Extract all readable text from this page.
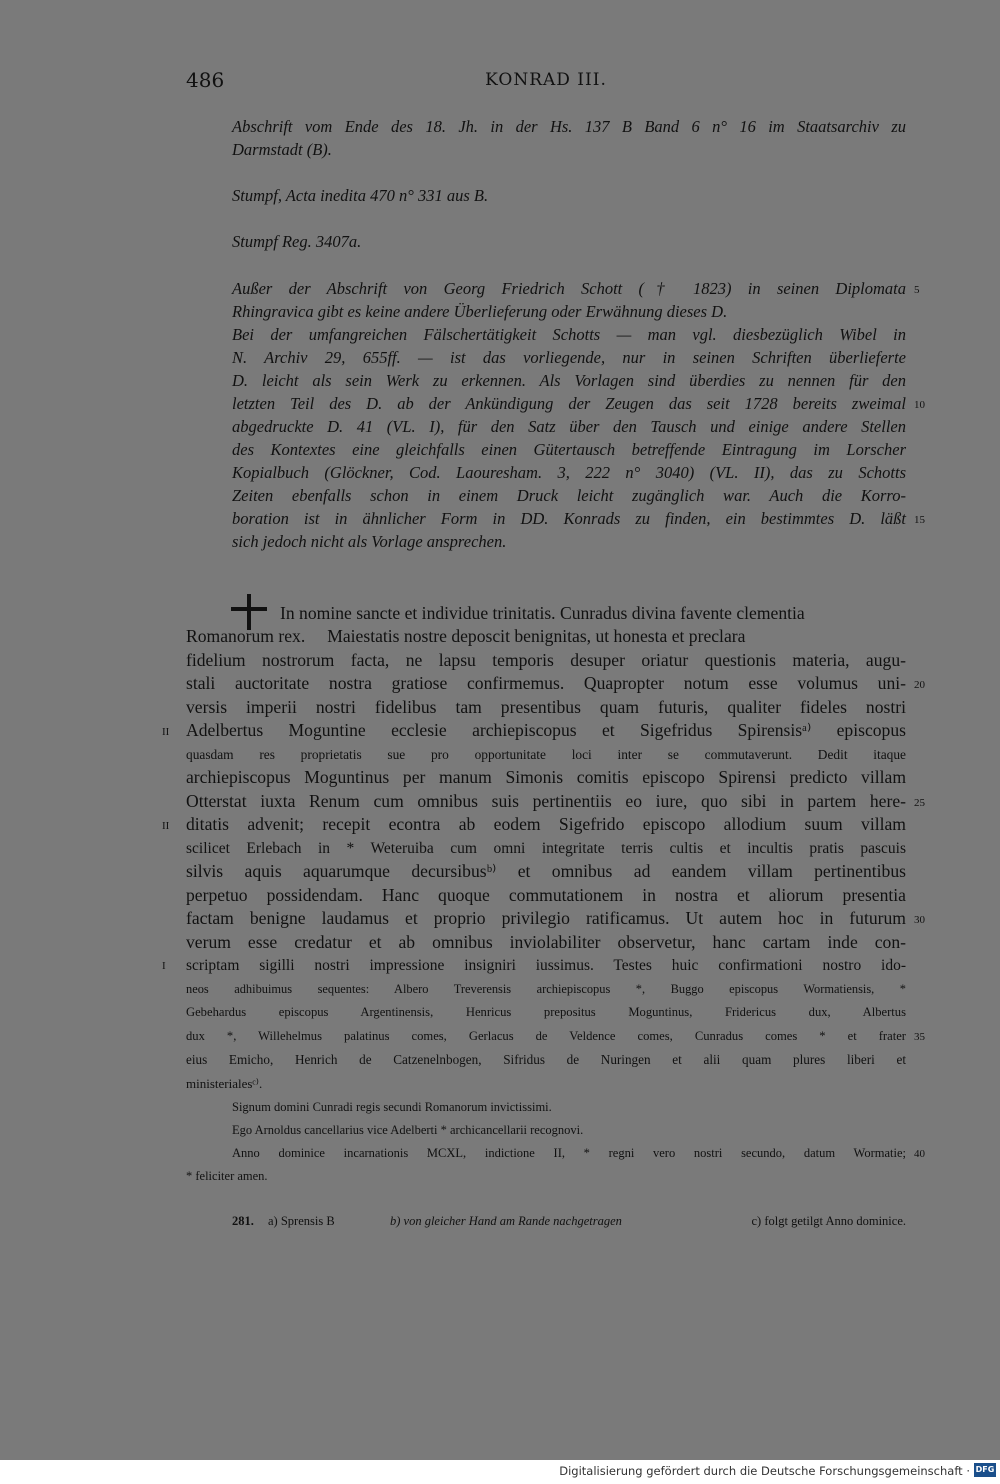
486	KONRAD III.
Abschrift vom Ende des 18. Jh. in der Hs. 137 B Band 6 n° 16 im Staatsarchiv zu
Darmstadt (B).
Stumpf, Acta inedita 470 n° 331 aus B.
Stumpf Reg. 3407a.
Außer der Abschrift von Georg Friedrich Schott († 1823) in seinen Diplomata
Rhingravica gibt es keine andere Überlieferung oder Erwähnung dieses D.
Bei der umfangreichen Fälschertätigkeit Schotts — man vgl. diesbezüglich Wibel in
N. Archiv 29, 655ff. — ist das vorliegende, nur in seinen Schriften überlieferte
D. leicht als sein Werk zu erkennen. Als Vorlagen sind überdies zu nennen für den
letzten Teil des D. ab der Ankündigung der Zeugen das seit 1728 bereits zweimal
abgedruckte D. 41 (VL. I), für den Satz über den Tausch und einige andere Stellen
des Kontextes eine gleichfalls einen Gütertausch betreffende Eintragung im Lorscher
Kopialbuch (Glöckner, Cod. Laouresham. 3, 222 n° 3040) (VL. II), das zu Schotts
Zeiten ebenfalls schon in einem Druck leicht zugänglich war. Auch die Korro-
boration ist in ähnlicher Form in DD. Konrads zu finden, ein bestimmtes D. läßt
sich jedoch nicht als Vorlage ansprechen.
In nomine sancte et individue trinitatis. Cunradus divina favente clementia
Romanorum rex.     Maiestatis nostre deposcit benignitas, ut honesta et preclara
fidelium nostrorum facta, ne lapsu temporis desuper oriatur questionis materia, augu-
stali auctoritate nostra gratiose confirmemus. Quapropter notum esse volumus uni-
versis imperii nostri fidelibus tam presentibus quam futuris, qualiter fideles nostri
Adelbertus Moguntine ecclesie archiepiscopus et Sigefridus Spirensisᵃ⁾ episcopus
quasdam res proprietatis sue pro opportunitate loci inter se commutaverunt. Dedit itaque
archiepiscopus Moguntinus per manum Simonis comitis episcopo Spirensi predicto villam
Otterstat iuxta Renum cum omnibus suis pertinentiis eo iure, quo sibi in partem here-
ditatis advenit; recepit econtra ab eodem Sigefrido episcopo allodium suum villam
scilicet Erlebach in * Weteruiba cum omni integritate terris cultis et incultis pratis pascuis
silvis aquis aquarumque decursibusᵇ⁾ et omnibus ad eandem villam pertinentibus
perpetuo possidendam. Hanc quoque commutationem in nostra et aliorum presentia
factam benigne laudamus et proprio privilegio ratificamus. Ut autem hoc in futurum
verum esse credatur et ab omnibus inviolabiliter observetur, hanc cartam inde con-
scriptam sigilli nostri impressione insigniri iussimus. Testes huic confirmationi nostro ido-
neos adhibuimus sequentes: Albero Treverensis archiepiscopus *, Buggo episcopus Wormatiensis, *
Gebehardus episcopus Argentinensis, Henricus prepositus Moguntinus, Fridericus dux, Albertus
dux *, Willehelmus palatinus comes, Gerlacus de Veldence comes, Cunradus comes * et frater
eius Emicho, Henrich de Catzenelnbogen, Sifridus de Nuringen et alii quam plures liberi et
ministerialesᶜ⁾.
Signum domini Cunradi regis secundi Romanorum invictissimi.
Ego Arnoldus cancellarius vice Adelberti * archicancellarii recognovi.
Anno dominice incarnationis MCXL, indictione II, * regni vero nostri secundo, datum Wormatie;
* feliciter amen.
5
10
15
20
25
30
35
40
II
II
I
281. a) Sprensis B	b) von gleicher Hand am Rande nachgetragen	c) folgt getilgt Anno dominice.
Digitalisierung gefördert durch die Deutsche Forschungsgemeinschaft · DFG
